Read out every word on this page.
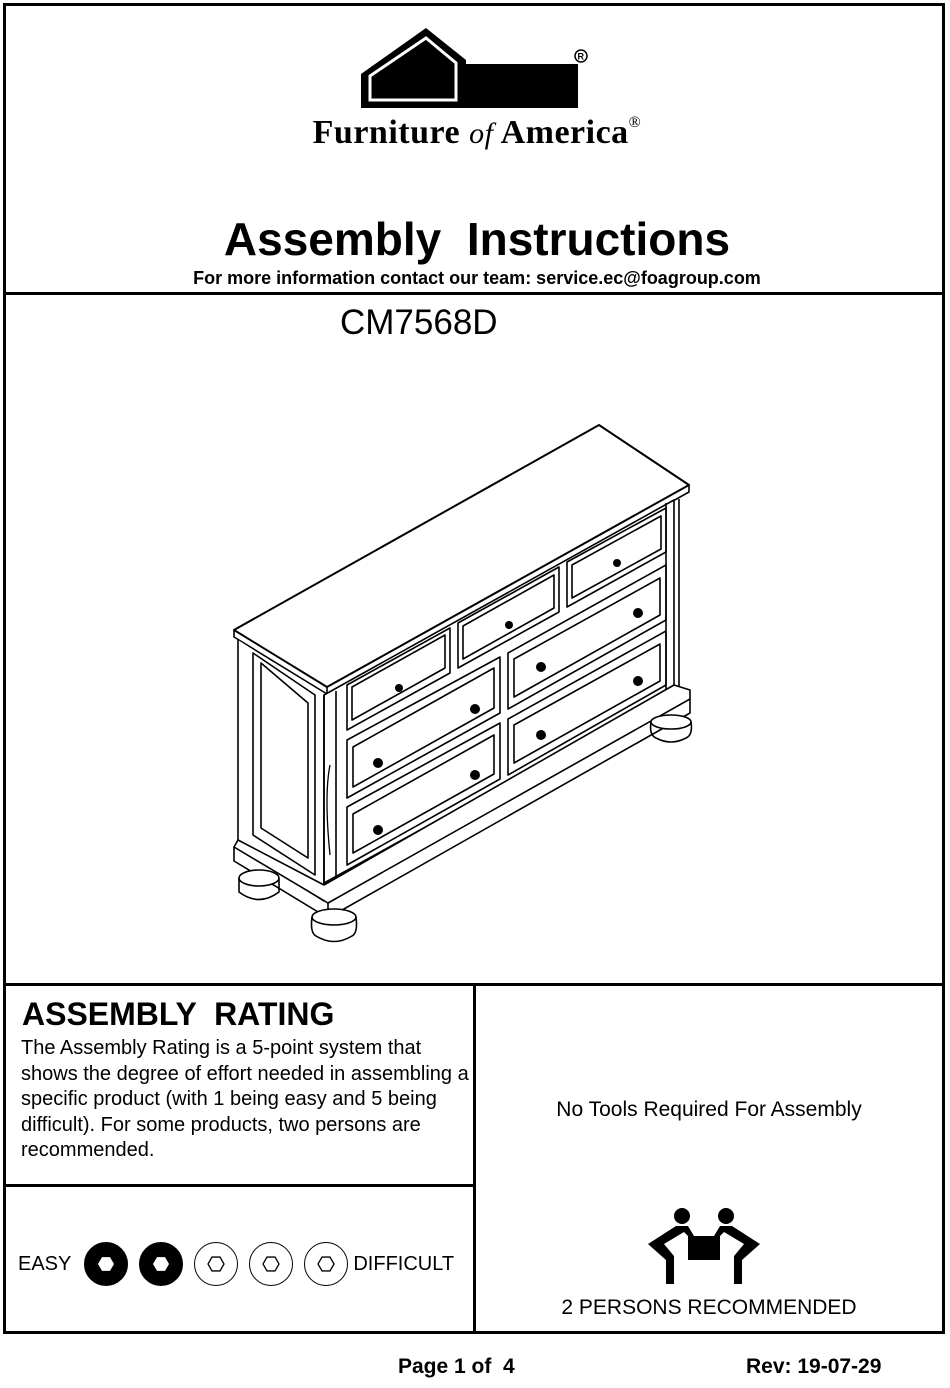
R
Furniture of America®
Assembly  Instructions
For more information contact our team: service.ec@foagroup.com
CM7568D
ASSEMBLY  RATING
The Assembly Rating is a 5-point system that shows the degree of effort needed in assembling a specific product (with 1 being easy and 5 being difficult). For some products, two persons are recommended.
EASY	DIFFICULT
No Tools Required For Assembly
2 PERSONS RECOMMENDED
Page 1 of  4	Rev: 19-07-29
